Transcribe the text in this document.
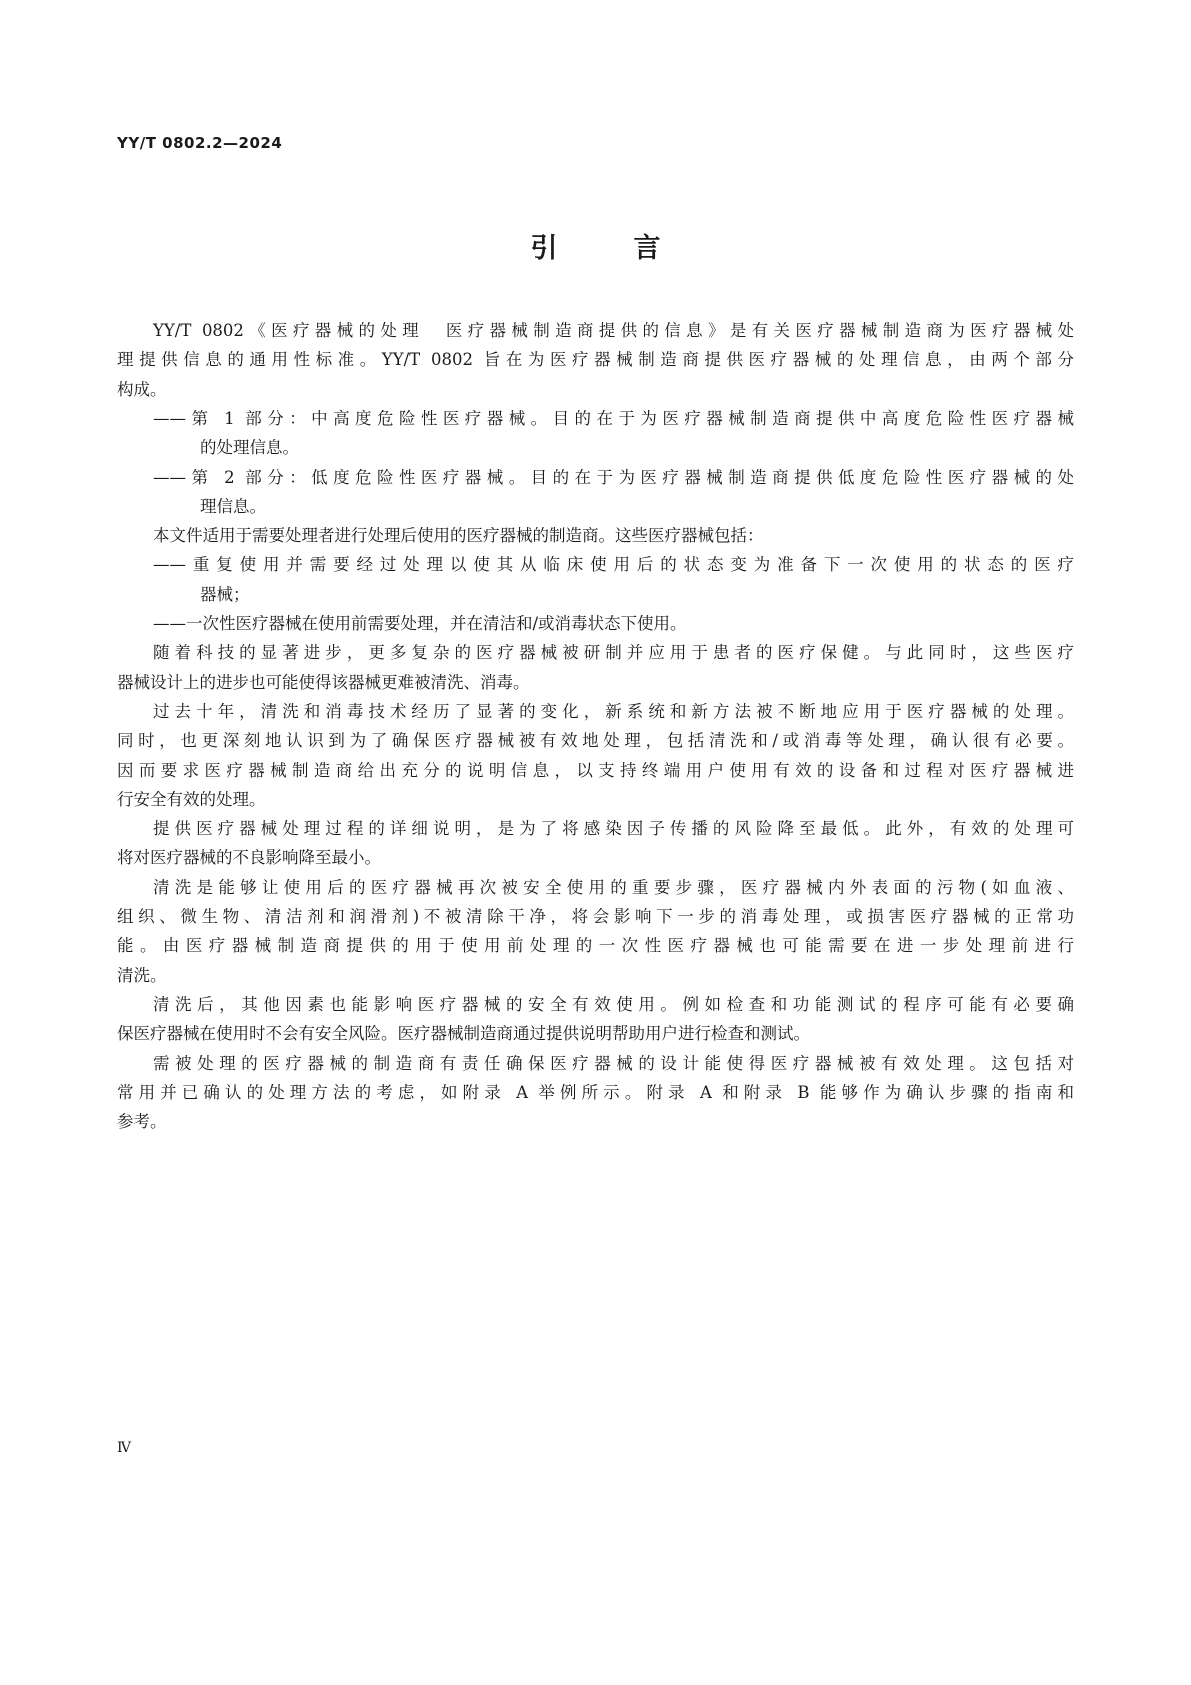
YY/T 0802.2—2024
引	言
YY/T 0802《医疗器械的处理　医疗器械制造商提供的信息》是有关医疗器械制造商为医疗器械处
理提供信息的通用性标准。YY/T 0802 旨在为医疗器械制造商提供医疗器械的处理信息，由两个部分
构成。
——第 1 部分：中高度危险性医疗器械。目的在于为医疗器械制造商提供中高度危险性医疗器械
的处理信息。
——第 2 部分：低度危险性医疗器械。目的在于为医疗器械制造商提供低度危险性医疗器械的处
理信息。
本文件适用于需要处理者进行处理后使用的医疗器械的制造商。这些医疗器械包括：
——重复使用并需要经过处理以使其从临床使用后的状态变为准备下一次使用的状态的医疗
器械；
——一次性医疗器械在使用前需要处理，并在清洁和/或消毒状态下使用。
随着科技的显著进步，更多复杂的医疗器械被研制并应用于患者的医疗保健。与此同时，这些医疗
器械设计上的进步也可能使得该器械更难被清洗、消毒。
过去十年，清洗和消毒技术经历了显著的变化，新系统和新方法被不断地应用于医疗器械的处理。
同时，也更深刻地认识到为了确保医疗器械被有效地处理，包括清洗和/或消毒等处理，确认很有必要。
因而要求医疗器械制造商给出充分的说明信息，以支持终端用户使用有效的设备和过程对医疗器械进
行安全有效的处理。
提供医疗器械处理过程的详细说明，是为了将感染因子传播的风险降至最低。此外，有效的处理可
将对医疗器械的不良影响降至最小。
清洗是能够让使用后的医疗器械再次被安全使用的重要步骤，医疗器械内外表面的污物(如血液、
组织、微生物、清洁剂和润滑剂)不被清除干净，将会影响下一步的消毒处理，或损害医疗器械的正常功
能。由医疗器械制造商提供的用于使用前处理的一次性医疗器械也可能需要在进一步处理前进行
清洗。
清洗后，其他因素也能影响医疗器械的安全有效使用。例如检查和功能测试的程序可能有必要确
保医疗器械在使用时不会有安全风险。医疗器械制造商通过提供说明帮助用户进行检查和测试。
需被处理的医疗器械的制造商有责任确保医疗器械的设计能使得医疗器械被有效处理。这包括对
常用并已确认的处理方法的考虑，如附录 A 举例所示。附录 A 和附录 B 能够作为确认步骤的指南和
参考。
Ⅳ
